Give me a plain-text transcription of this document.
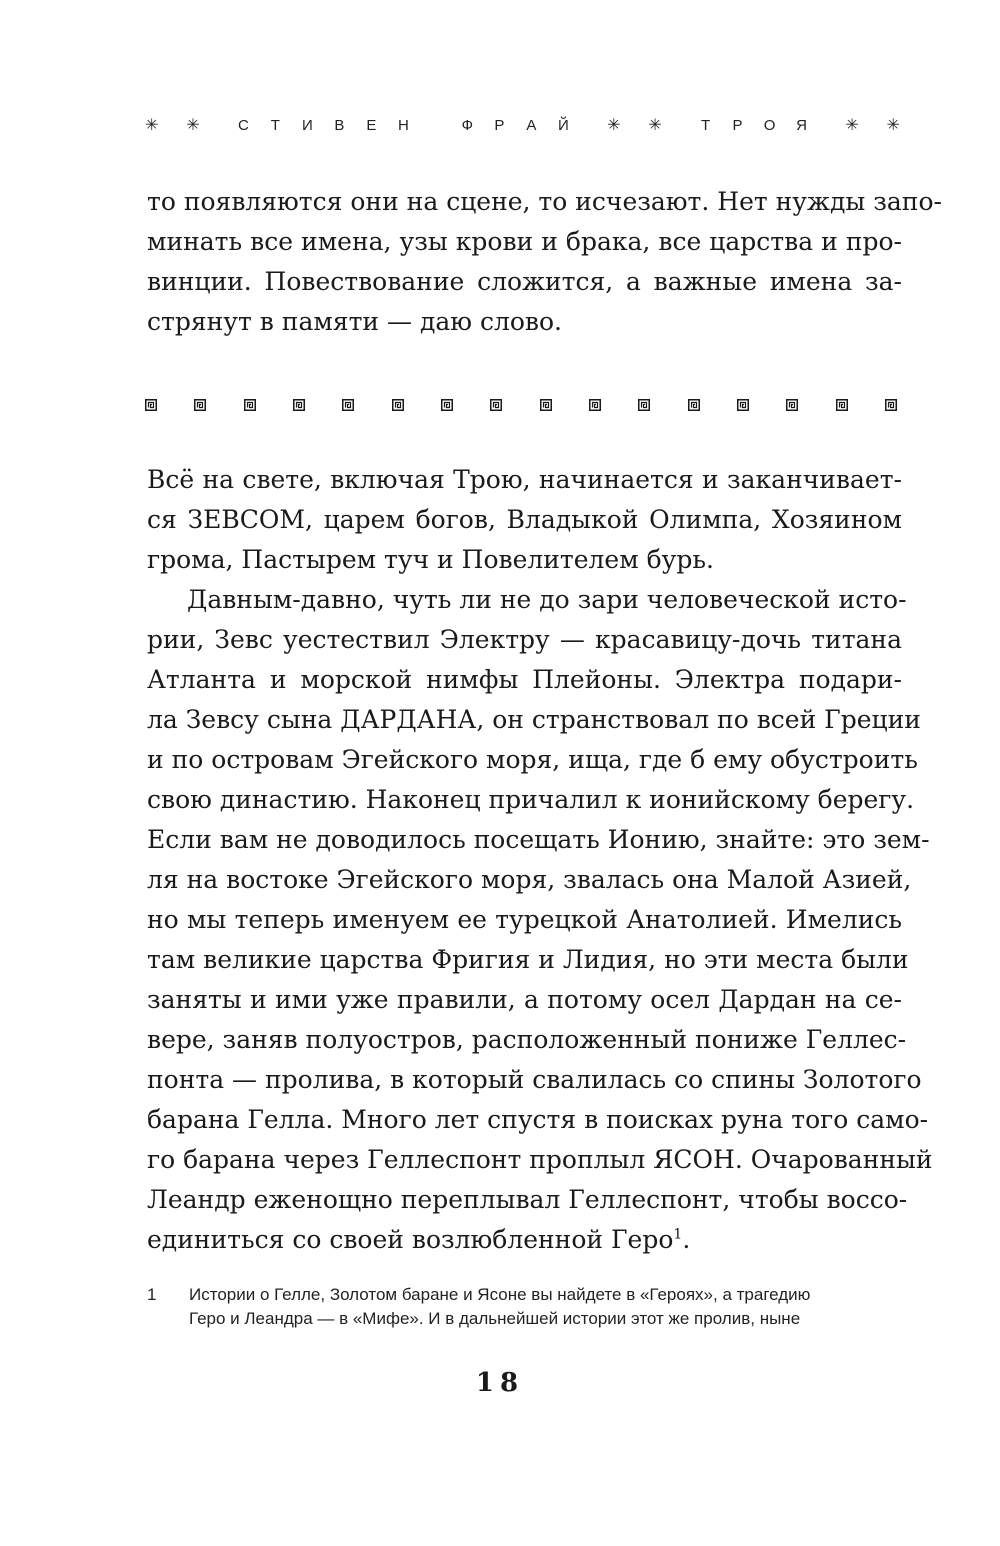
✳ ✳	С Т И В Е Н	Ф Р А Й	✳ ✳	Т Р О Я	✳ ✳

то появляются они на сцене, то исчезают. Нет нужды запо-
минать все имена, узы крови и брака, все царства и про-
винции. Повествование сложится, а важные имена за-
стрянут в памяти — даю слово.

Всё на свете, включая Трою, начинается и заканчивает-
ся ЗЕВСОМ, царем богов, Владыкой Олимпа, Хозяином
грома, Пастырем туч и Повелителем бурь.

Давным-давно, чуть ли не до зари человеческой исто-
рии, Зевс уестествил Электру — красавицу-дочь титана
Атланта и морской нимфы Плейоны. Электра подари-
ла Зевсу сына ДАРДАНА, он странствовал по всей Греции
и по островам Эгейского моря, ища, где б ему обустроить
свою династию. Наконец причалил к ионийскому берегу.
Если вам не доводилось посещать Ионию, знайте: это зем-
ля на востоке Эгейского моря, звалась она Малой Азией,
но мы теперь именуем ее турецкой Анатолией. Имелись
там великие царства Фригия и Лидия, но эти места были
заняты и ими уже правили, а потому осел Дардан на се-
вере, заняв полуостров, расположенный пониже Геллес-
понта — пролива, в который свалилась со спины Золотого
барана Гелла. Много лет спустя в поисках руна того само-
го барана через Геллеспонт проплыл ЯСОН. Очарованный
Леандр еженощно переплывал Геллеспонт, чтобы воссо-
единиться со своей возлюбленной Геро$^1$.

1 Истории о Гелле, Золотом баране и Ясоне вы найдете в «Героях», а трагедию
Геро и Леандра — в «Мифе». И в дальнейшей истории этот же пролив, ныне
18
